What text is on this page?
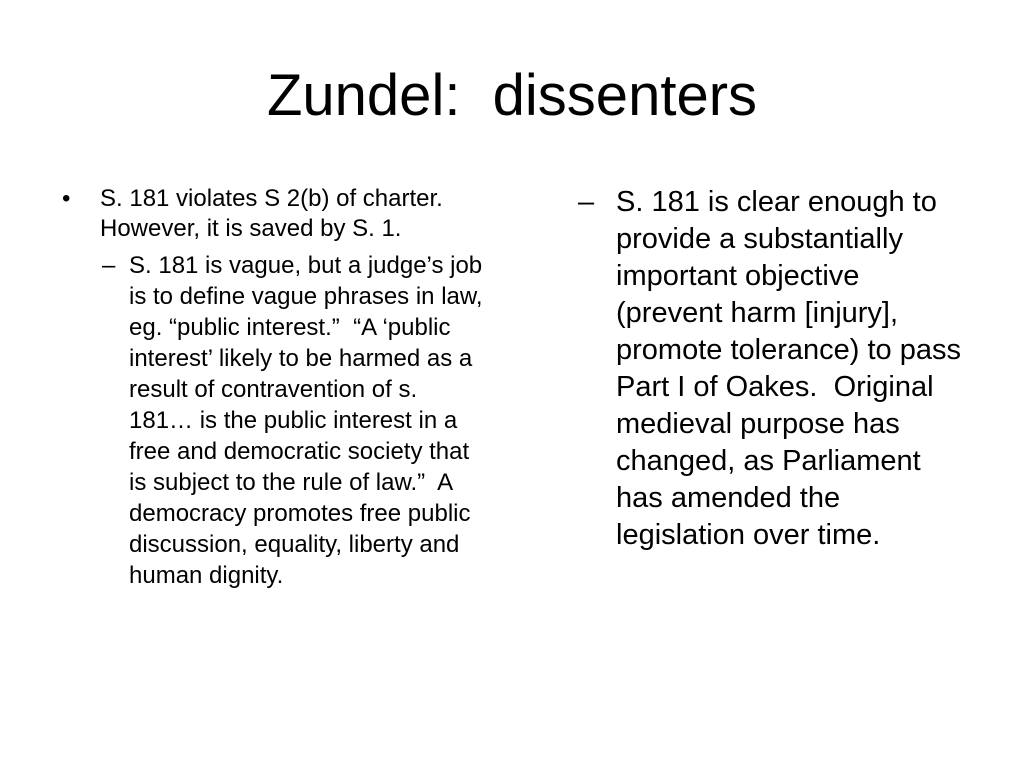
Zundel:  dissenters
•	S. 181 violates S 2(b) of charter.  However, it is saved by S. 1.
– S. 181 is vague, but a judge’s job is to define vague phrases in law, eg. “public interest.”  “A ‘public interest’ likely to be harmed as a result of contravention of s. 181… is the public interest in a free and democratic society that is subject to the rule of law.”  A democracy promotes free public discussion, equality, liberty and human dignity.
– S. 181 is clear enough to provide a substantially important objective (prevent harm [injury], promote tolerance) to pass Part I of Oakes.  Original medieval purpose has changed, as Parliament has amended the legislation over time.
